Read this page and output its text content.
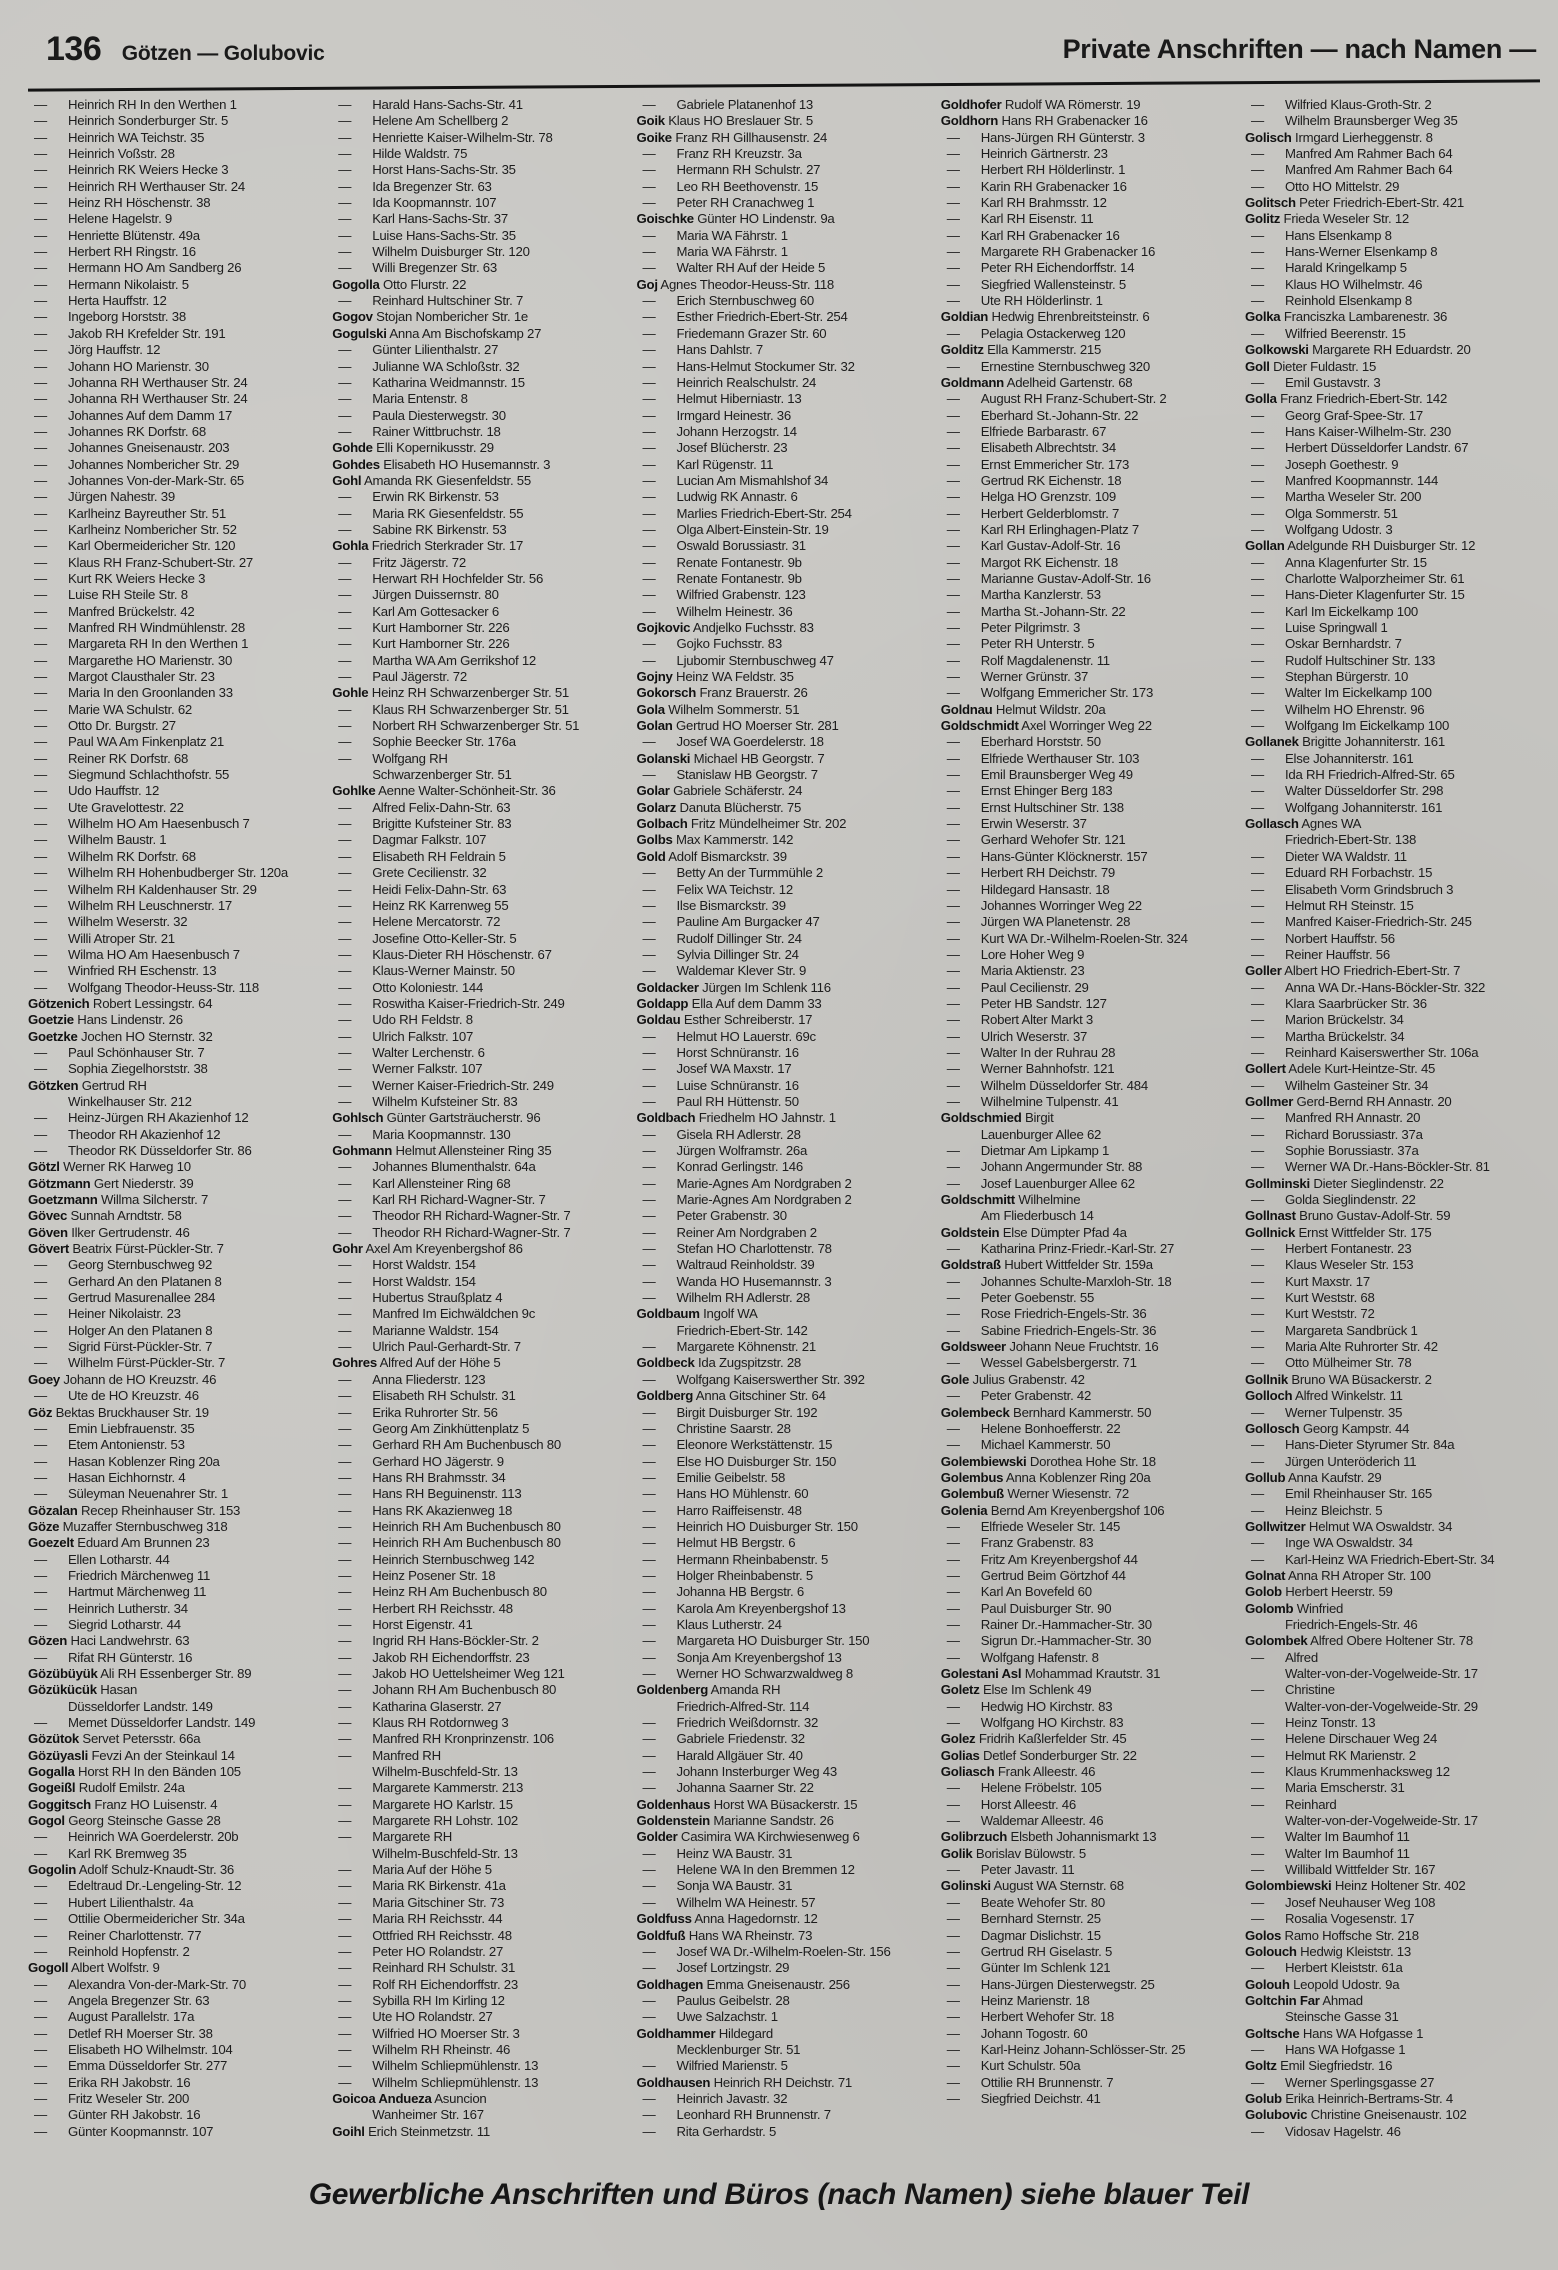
136 Götzen — Golubovic	Private Anschriften — nach Namen —
— Heinrich RH In den Werthen 1
— Heinrich Sonderburger Str. 5
— Heinrich WA Teichstr. 35
— Heinrich Voßstr. 28
— Heinrich RK Weiers Hecke 3
— Heinrich RH Werthauser Str. 24
— Heinz RH Höschenstr. 38
— Helene Hagelstr. 9
— Henriette Blütenstr. 49a
— Herbert RH Ringstr. 16
— Hermann HO Am Sandberg 26
— Hermann Nikolaistr. 5
— Herta Hauffstr. 12
— Ingeborg Horststr. 38
— Jakob RH Krefelder Str. 191
— Jörg Hauffstr. 12
— Johann HO Marienstr. 30
— Johanna RH Werthauser Str. 24
— Johanna RH Werthauser Str. 24
— Johannes Auf dem Damm 17
— Johannes RK Dorfstr. 68
— Johannes Gneisenaustr. 203
— Johannes Nombericher Str. 29
— Johannes Von-der-Mark-Str. 65
— Jürgen Nahestr. 39
— Karlheinz Bayreuther Str. 51
— Karlheinz Nombericher Str. 52
— Karl Obermeidericher Str. 120
— Klaus RH Franz-Schubert-Str. 27
— Kurt RK Weiers Hecke 3
— Luise RH Steile Str. 8
— Manfred Brückelstr. 42
— Manfred RH Windmühlenstr. 28
— Margareta RH In den Werthen 1
— Margarethe HO Marienstr. 30
— Margot Clausthaler Str. 23
— Maria In den Groonlanden 33
— Marie WA Schulstr. 62
— Otto Dr. Burgstr. 27
— Paul WA Am Finkenplatz 21
— Reiner RK Dorfstr. 68
— Siegmund Schlachthofstr. 55
— Udo Hauffstr. 12
— Ute Gravelottestr. 22
— Wilhelm HO Am Haesenbusch 7
— Wilhelm Baustr. 1
— Wilhelm RK Dorfstr. 68
— Wilhelm RH Hohenbudberger Str. 120a
— Wilhelm RH Kaldenhauser Str. 29
— Wilhelm RH Leuschnerstr. 17
— Wilhelm Weserstr. 32
— Willi Atroper Str. 21
— Wilma HO Am Haesenbusch 7
— Winfried RH Eschenstr. 13
— Wolfgang Theodor-Heuss-Str. 118
Götzenich Robert Lessingstr. 64
Goetzie Hans Lindenstr. 26
Goetzke Jochen HO Sternstr. 32
— Paul Schönhauser Str. 7
— Sophia Ziegelhorststr. 38
Götzken Gertrud RH
Winkelhauser Str. 212
— Heinz-Jürgen RH Akazienhof 12
— Theodor RH Akazienhof 12
— Theodor RK Düsseldorfer Str. 86
Götzl Werner RK Harweg 10
Götzmann Gert Niederstr. 39
Goetzmann Willma Silcherstr. 7
Gövec Sunnah Arndtstr. 58
Göven Ilker Gertrudenstr. 46
Gövert Beatrix Fürst-Pückler-Str. 7
— Georg Sternbuschweg 92
— Gerhard An den Platanen 8
— Gertrud Masurenallee 284
— Heiner Nikolaistr. 23
— Holger An den Platanen 8
— Sigrid Fürst-Pückler-Str. 7
— Wilhelm Fürst-Pückler-Str. 7
Goey Johann de HO Kreuzstr. 46
— Ute de HO Kreuzstr. 46
Göz Bektas Bruckhauser Str. 19
— Emin Liebfrauenstr. 35
— Etem Antonienstr. 53
— Hasan Koblenzer Ring 20a
— Hasan Eichhornstr. 4
— Süleyman Neuenahrer Str. 1
Gözalan Recep Rheinhauser Str. 153
Göze Muzaffer Sternbuschweg 318
Goezelt Eduard Am Brunnen 23
— Ellen Lotharstr. 44
— Friedrich Märchenweg 11
— Hartmut Märchenweg 11
— Heinrich Lutherstr. 34
— Siegrid Lotharstr. 44
Gözen Haci Landwehrstr. 63
— Rifat RH Günterstr. 16
Gözübüyük Ali RH Essenberger Str. 89
Gözükücük Hasan
Düsseldorfer Landstr. 149
— Memet Düsseldorfer Landstr. 149
Gözütok Servet Petersstr. 66a
Gözüyasli Fevzi An der Steinkaul 14
Gogalla Horst RH In den Bänden 105
Gogeißl Rudolf Emilstr. 24a
Goggitsch Franz HO Luisenstr. 4
Gogol Georg Steinsche Gasse 28
— Heinrich WA Goerdelerstr. 20b
— Karl RK Bremweg 35
Gogolin Adolf Schulz-Knaudt-Str. 36
— Edeltraud Dr.-Lengeling-Str. 12
— Hubert Lilienthalstr. 4a
— Ottilie Obermeidericher Str. 34a
— Reiner Charlottenstr. 77
— Reinhold Hopfenstr. 2
Gogoll Albert Wolfstr. 9
— Alexandra Von-der-Mark-Str. 70
— Angela Bregenzer Str. 63
— August Parallelstr. 17a
— Detlef RH Moerser Str. 38
— Elisabeth HO Wilhelmstr. 104
— Emma Düsseldorfer Str. 277
— Erika RH Jakobstr. 16
— Fritz Weseler Str. 200
— Günter RH Jakobstr. 16
— Günter Koopmannstr. 107
— Harald Hans-Sachs-Str. 41
— Helene Am Schellberg 2
— Henriette Kaiser-Wilhelm-Str. 78
— Hilde Waldstr. 75
— Horst Hans-Sachs-Str. 35
— Ida Bregenzer Str. 63
— Ida Koopmannstr. 107
— Karl Hans-Sachs-Str. 37
— Luise Hans-Sachs-Str. 35
— Wilhelm Duisburger Str. 120
— Willi Bregenzer Str. 63
Gogolla Otto Flurstr. 22
— Reinhard Hultschiner Str. 7
Gogov Stojan Nombericher Str. 1e
Gogulski Anna Am Bischofskamp 27
— Günter Lilienthalstr. 27
— Julianne WA Schloßstr. 32
— Katharina Weidmannstr. 15
— Maria Entenstr. 8
— Paula Diesterwegstr. 30
— Rainer Wittbruchstr. 18
Gohde Elli Kopernikusstr. 29
Gohdes Elisabeth HO Husemannstr. 3
Gohl Amanda RK Giesenfeldstr. 55
— Erwin RK Birkenstr. 53
— Maria RK Giesenfeldstr. 55
— Sabine RK Birkenstr. 53
Gohla Friedrich Sterkrader Str. 17
— Fritz Jägerstr. 72
— Herwart RH Hochfelder Str. 56
— Jürgen Duissernstr. 80
— Karl Am Gottesacker 6
— Kurt Hamborner Str. 226
— Kurt Hamborner Str. 226
— Martha WA Am Gerrikshof 12
— Paul Jägerstr. 72
Gohle Heinz RH Schwarzenberger Str. 51
— Klaus RH Schwarzenberger Str. 51
— Norbert RH Schwarzenberger Str. 51
— Sophie Beecker Str. 176a
— Wolfgang RH
Schwarzenberger Str. 51
Gohlke Aenne Walter-Schönheit-Str. 36
— Alfred Felix-Dahn-Str. 63
— Brigitte Kufsteiner Str. 83
— Dagmar Falkstr. 107
— Elisabeth RH Feldrain 5
— Grete Cecilienstr. 32
— Heidi Felix-Dahn-Str. 63
— Heinz RK Karrenweg 55
— Helene Mercatorstr. 72
— Josefine Otto-Keller-Str. 5
— Klaus-Dieter RH Höschenstr. 67
— Klaus-Werner Mainstr. 50
— Otto Koloniestr. 144
— Roswitha Kaiser-Friedrich-Str. 249
— Udo RH Feldstr. 8
— Ulrich Falkstr. 107
— Walter Lerchenstr. 6
— Werner Falkstr. 107
— Werner Kaiser-Friedrich-Str. 249
— Wilhelm Kufsteiner Str. 83
Gohlsch Günter Gartsträucherstr. 96
— Maria Koopmannstr. 130
Gohmann Helmut Allensteiner Ring 35
— Johannes Blumenthalstr. 64a
— Karl Allensteiner Ring 68
— Karl RH Richard-Wagner-Str. 7
— Theodor RH Richard-Wagner-Str. 7
— Theodor RH Richard-Wagner-Str. 7
Gohr Axel Am Kreyenbergshof 86
— Horst Waldstr. 154
— Horst Waldstr. 154
— Hubertus Straußplatz 4
— Manfred Im Eichwäldchen 9c
— Marianne Waldstr. 154
— Ulrich Paul-Gerhardt-Str. 7
Gohres Alfred Auf der Höhe 5
— Anna Fliederstr. 123
— Elisabeth RH Schulstr. 31
— Erika Ruhrorter Str. 56
— Georg Am Zinkhüttenplatz 5
— Gerhard RH Am Buchenbusch 80
— Gerhard HO Jägerstr. 9
— Hans RH Brahmsstr. 34
— Hans RH Beguinenstr. 113
— Hans RK Akazienweg 18
— Heinrich RH Am Buchenbusch 80
— Heinrich RH Am Buchenbusch 80
— Heinrich Sternbuschweg 142
— Heinz Posener Str. 18
— Heinz RH Am Buchenbusch 80
— Herbert RH Reichsstr. 48
— Horst Eigenstr. 41
— Ingrid RH Hans-Böckler-Str. 2
— Jakob RH Eichendorffstr. 23
— Jakob HO Uettelsheimer Weg 121
— Johann RH Am Buchenbusch 80
— Katharina Glaserstr. 27
— Klaus RH Rotdornweg 3
— Manfred RH Kronprinzenstr. 106
— Manfred RH
Wilhelm-Buschfeld-Str. 13
— Margarete Kammerstr. 213
— Margarete HO Karlstr. 15
— Margarete RH Lohstr. 102
— Margarete RH
Wilhelm-Buschfeld-Str. 13
— Maria Auf der Höhe 5
— Maria RK Birkenstr. 41a
— Maria Gitschiner Str. 73
— Maria RH Reichsstr. 44
— Ottfried RH Reichsstr. 48
— Peter HO Rolandstr. 27
— Reinhard RH Schulstr. 31
— Rolf RH Eichendorffstr. 23
— Sybilla RH Im Kirling 12
— Ute HO Rolandstr. 27
— Wilfried HO Moerser Str. 3
— Wilhelm RH Rheinstr. 46
— Wilhelm Schliepmühlenstr. 13
— Wilhelm Schliepmühlenstr. 13
Goicoa Andueza Asuncion
Wanheimer Str. 167
Goihl Erich Steinmetzstr. 11
— Gabriele Platanenhof 13
Goik Klaus HO Breslauer Str. 5
Goike Franz RH Gillhausenstr. 24
— Franz RH Kreuzstr. 3a
— Hermann RH Schulstr. 27
— Leo RH Beethovenstr. 15
— Peter RH Cranachweg 1
Goischke Günter HO Lindenstr. 9a
— Maria WA Fährstr. 1
— Maria WA Fährstr. 1
— Walter RH Auf der Heide 5
Goj Agnes Theodor-Heuss-Str. 118
— Erich Sternbuschweg 60
— Esther Friedrich-Ebert-Str. 254
— Friedemann Grazer Str. 60
— Hans Dahlstr. 7
— Hans-Helmut Stockumer Str. 32
— Heinrich Realschulstr. 24
— Helmut Hiberniastr. 13
— Irmgard Heinestr. 36
— Johann Herzogstr. 14
— Josef Blücherstr. 23
— Karl Rügenstr. 11
— Lucian Am Mismahlshof 34
— Ludwig RK Annastr. 6
— Marlies Friedrich-Ebert-Str. 254
— Olga Albert-Einstein-Str. 19
— Oswald Borussiastr. 31
— Renate Fontanestr. 9b
— Renate Fontanestr. 9b
— Wilfried Grabenstr. 123
— Wilhelm Heinestr. 36
Gojkovic Andjelko Fuchsstr. 83
— Gojko Fuchsstr. 83
— Ljubomir Sternbuschweg 47
Gojny Heinz WA Feldstr. 35
Gokorsch Franz Brauerstr. 26
Gola Wilhelm Sommerstr. 51
Golan Gertrud HO Moerser Str. 281
— Josef WA Goerdelerstr. 18
Golanski Michael HB Georgstr. 7
— Stanislaw HB Georgstr. 7
Golar Gabriele Schäferstr. 24
Golarz Danuta Blücherstr. 75
Golbach Fritz Mündelheimer Str. 202
Golbs Max Kammerstr. 142
Gold Adolf Bismarckstr. 39
— Betty An der Turmmühle 2
— Felix WA Teichstr. 12
— Ilse Bismarckstr. 39
— Pauline Am Burgacker 47
— Rudolf Dillinger Str. 24
— Sylvia Dillinger Str. 24
— Waldemar Klever Str. 9
Goldacker Jürgen Im Schlenk 116
Goldapp Ella Auf dem Damm 33
Goldau Esther Schreiberstr. 17
— Helmut HO Lauerstr. 69c
— Horst Schnüranstr. 16
— Josef WA Maxstr. 17
— Luise Schnüranstr. 16
— Paul RH Hüttenstr. 50
Goldbach Friedhelm HO Jahnstr. 1
— Gisela RH Adlerstr. 28
— Jürgen Wolframstr. 26a
— Konrad Gerlingstr. 146
— Marie-Agnes Am Nordgraben 2
— Marie-Agnes Am Nordgraben 2
— Peter Grabenstr. 30
— Reiner Am Nordgraben 2
— Stefan HO Charlottenstr. 78
— Waltraud Reinholdstr. 39
— Wanda HO Husemannstr. 3
— Wilhelm RH Adlerstr. 28
Goldbaum Ingolf WA
Friedrich-Ebert-Str. 142
— Margarete Köhnenstr. 21
Goldbeck Ida Zugspitzstr. 28
— Wolfgang Kaiserswerther Str. 392
Goldberg Anna Gitschiner Str. 64
— Birgit Duisburger Str. 192
— Christine Saarstr. 28
— Eleonore Werkstättenstr. 15
— Else HO Duisburger Str. 150
— Emilie Geibelstr. 58
— Hans HO Mühlenstr. 60
— Harro Raiffeisenstr. 48
— Heinrich HO Duisburger Str. 150
— Helmut HB Bergstr. 6
— Hermann Rheinbabenstr. 5
— Holger Rheinbabenstr. 5
— Johanna HB Bergstr. 6
— Karola Am Kreyenbergshof 13
— Klaus Lutherstr. 24
— Margareta HO Duisburger Str. 150
— Sonja Am Kreyenbergshof 13
— Werner HO Schwarzwaldweg 8
Goldenberg Amanda RH
Friedrich-Alfred-Str. 114
— Friedrich Weißdornstr. 32
— Gabriele Friedenstr. 32
— Harald Allgäuer Str. 40
— Johann Insterburger Weg 43
— Johanna Saarner Str. 22
Goldenhaus Horst WA Büsackerstr. 15
Goldenstein Marianne Sandstr. 26
Golder Casimira WA Kirchwiesenweg 6
— Heinz WA Baustr. 31
— Helene WA In den Bremmen 12
— Sonja WA Baustr. 31
— Wilhelm WA Heinestr. 57
Goldfuss Anna Hagedornstr. 12
Goldfuß Hans WA Rheinstr. 73
— Josef WA Dr.-Wilhelm-Roelen-Str. 156
— Josef Lortzingstr. 29
Goldhagen Emma Gneisenaustr. 256
— Paulus Geibelstr. 28
— Uwe Salzachstr. 1
Goldhammer Hildegard
Mecklenburger Str. 51
— Wilfried Marienstr. 5
Goldhausen Heinrich RH Deichstr. 71
— Heinrich Javastr. 32
— Leonhard RH Brunnenstr. 7
— Rita Gerhardstr. 5
Goldhofer Rudolf WA Römerstr. 19
Goldhorn Hans RH Grabenacker 16
— Hans-Jürgen RH Günterstr. 3
— Heinrich Gärtnerstr. 23
— Herbert RH Hölderlinstr. 1
— Karin RH Grabenacker 16
— Karl RH Brahmsstr. 12
— Karl RH Eisenstr. 11
— Karl RH Grabenacker 16
— Margarete RH Grabenacker 16
— Peter RH Eichendorffstr. 14
— Siegfried Wallensteinstr. 5
— Ute RH Hölderlinstr. 1
Goldian Hedwig Ehrenbreitsteinstr. 6
— Pelagia Ostackerweg 120
Golditz Ella Kammerstr. 215
— Ernestine Sternbuschweg 320
Goldmann Adelheid Gartenstr. 68
— August RH Franz-Schubert-Str. 2
— Eberhard St.-Johann-Str. 22
— Elfriede Barbarastr. 67
— Elisabeth Albrechtstr. 34
— Ernst Emmericher Str. 173
— Gertrud RK Eichenstr. 18
— Helga HO Grenzstr. 109
— Herbert Gelderblomstr. 7
— Karl RH Erlinghagen-Platz 7
— Karl Gustav-Adolf-Str. 16
— Margot RK Eichenstr. 18
— Marianne Gustav-Adolf-Str. 16
— Martha Kanzlerstr. 53
— Martha St.-Johann-Str. 22
— Peter Pilgrimstr. 3
— Peter RH Unterstr. 5
— Rolf Magdalenenstr. 11
— Werner Grünstr. 37
— Wolfgang Emmericher Str. 173
Goldnau Helmut Wildstr. 20a
Goldschmidt Axel Worringer Weg 22
— Eberhard Horststr. 50
— Elfriede Werthauser Str. 103
— Emil Braunsberger Weg 49
— Ernst Ehinger Berg 183
— Ernst Hultschiner Str. 138
— Erwin Weserstr. 37
— Gerhard Wehofer Str. 121
— Hans-Günter Klöcknerstr. 157
— Herbert RH Deichstr. 79
— Hildegard Hansastr. 18
— Johannes Worringer Weg 22
— Jürgen WA Planetenstr. 28
— Kurt WA Dr.-Wilhelm-Roelen-Str. 324
— Lore Hoher Weg 9
— Maria Aktienstr. 23
— Paul Cecilienstr. 29
— Peter HB Sandstr. 127
— Robert Alter Markt 3
— Ulrich Weserstr. 37
— Walter In der Ruhrau 28
— Werner Bahnhofstr. 121
— Wilhelm Düsseldorfer Str. 484
— Wilhelmine Tulpenstr. 41
Goldschmied Birgit
Lauenburger Allee 62
— Dietmar Am Lipkamp 1
— Johann Angermunder Str. 88
— Josef Lauenburger Allee 62
Goldschmitt Wilhelmine
Am Fliederbusch 14
Goldstein Else Dümpter Pfad 4a
— Katharina Prinz-Friedr.-Karl-Str. 27
Goldstraß Hubert Wittfelder Str. 159a
— Johannes Schulte-Marxloh-Str. 18
— Peter Goebenstr. 55
— Rose Friedrich-Engels-Str. 36
— Sabine Friedrich-Engels-Str. 36
Goldsweer Johann Neue Fruchtstr. 16
— Wessel Gabelsbergerstr. 71
Gole Julius Grabenstr. 42
— Peter Grabenstr. 42
Golembeck Bernhard Kammerstr. 50
— Helene Bonhoefferstr. 22
— Michael Kammerstr. 50
Golembiewski Dorothea Hohe Str. 18
Golembus Anna Koblenzer Ring 20a
Golembuß Werner Wiesenstr. 72
Golenia Bernd Am Kreyenbergshof 106
— Elfriede Weseler Str. 145
— Franz Grabenstr. 83
— Fritz Am Kreyenbergshof 44
— Gertrud Beim Görtzhof 44
— Karl An Bovefeld 60
— Paul Duisburger Str. 90
— Rainer Dr.-Hammacher-Str. 30
— Sigrun Dr.-Hammacher-Str. 30
— Wolfgang Hafenstr. 8
Golestani Asl Mohammad Krautstr. 31
Goletz Else Im Schlenk 49
— Hedwig HO Kirchstr. 83
— Wolfgang HO Kirchstr. 83
Golez Fridrih Kaßlerfelder Str. 45
Golias Detlef Sonderburger Str. 22
Goliasch Frank Alleestr. 46
— Helene Fröbelstr. 105
— Horst Alleestr. 46
— Waldemar Alleestr. 46
Golibrzuch Elsbeth Johannismarkt 13
Golik Borislav Bülowstr. 5
— Peter Javastr. 11
Golinski August WA Sternstr. 68
— Beate Wehofer Str. 80
— Bernhard Sternstr. 25
— Dagmar Dislichstr. 15
— Gertrud RH Giselastr. 5
— Günter Im Schlenk 121
— Hans-Jürgen Diesterwegstr. 25
— Heinz Marienstr. 18
— Herbert Wehofer Str. 18
— Johann Togostr. 60
— Karl-Heinz Johann-Schlösser-Str. 25
— Kurt Schulstr. 50a
— Ottilie RH Brunnenstr. 7
— Siegfried Deichstr. 41
— Wilfried Klaus-Groth-Str. 2
— Wilhelm Braunsberger Weg 35
Golisch Irmgard Lierheggenstr. 8
— Manfred Am Rahmer Bach 64
— Manfred Am Rahmer Bach 64
— Otto HO Mittelstr. 29
Golitsch Peter Friedrich-Ebert-Str. 421
Golitz Frieda Weseler Str. 12
— Hans Elsenkamp 8
— Hans-Werner Elsenkamp 8
— Harald Kringelkamp 5
— Klaus HO Wilhelmstr. 46
— Reinhold Elsenkamp 8
Golka Franciszka Lambarenestr. 36
— Wilfried Beerenstr. 15
Golkowski Margarete RH Eduardstr. 20
Goll Dieter Fuldastr. 15
— Emil Gustavstr. 3
Golla Franz Friedrich-Ebert-Str. 142
— Georg Graf-Spee-Str. 17
— Hans Kaiser-Wilhelm-Str. 230
— Herbert Düsseldorfer Landstr. 67
— Joseph Goethestr. 9
— Manfred Koopmannstr. 144
— Martha Weseler Str. 200
— Olga Sommerstr. 51
— Wolfgang Udostr. 3
Gollan Adelgunde RH Duisburger Str. 12
— Anna Klagenfurter Str. 15
— Charlotte Walporzheimer Str. 61
— Hans-Dieter Klagenfurter Str. 15
— Karl Im Eickelkamp 100
— Luise Springwall 1
— Oskar Bernhardstr. 7
— Rudolf Hultschiner Str. 133
— Stephan Bürgerstr. 10
— Walter Im Eickelkamp 100
— Wilhelm HO Ehrenstr. 96
— Wolfgang Im Eickelkamp 100
Gollanek Brigitte Johanniterstr. 161
— Else Johanniterstr. 161
— Ida RH Friedrich-Alfred-Str. 65
— Walter Düsseldorfer Str. 298
— Wolfgang Johanniterstr. 161
Gollasch Agnes WA
Friedrich-Ebert-Str. 138
— Dieter WA Waldstr. 11
— Eduard RH Forbachstr. 15
— Elisabeth Vorm Grindsbruch 3
— Helmut RH Steinstr. 15
— Manfred Kaiser-Friedrich-Str. 245
— Norbert Hauffstr. 56
— Reiner Hauffstr. 56
Goller Albert HO Friedrich-Ebert-Str. 7
— Anna WA Dr.-Hans-Böckler-Str. 322
— Klara Saarbrücker Str. 36
— Marion Brückelstr. 34
— Martha Brückelstr. 34
— Reinhard Kaiserswerther Str. 106a
Gollert Adele Kurt-Heintze-Str. 45
— Wilhelm Gasteiner Str. 34
Gollmer Gerd-Bernd RH Annastr. 20
— Manfred RH Annastr. 20
— Richard Borussiastr. 37a
— Sophie Borussiastr. 37a
— Werner WA Dr.-Hans-Böckler-Str. 81
Gollminski Dieter Sieglindenstr. 22
— Golda Sieglindenstr. 22
Gollnast Bruno Gustav-Adolf-Str. 59
Gollnick Ernst Wittfelder Str. 175
— Herbert Fontanestr. 23
— Klaus Weseler Str. 153
— Kurt Maxstr. 17
— Kurt Weststr. 68
— Kurt Weststr. 72
— Margareta Sandbrück 1
— Maria Alte Ruhrorter Str. 42
— Otto Mülheimer Str. 78
Gollnik Bruno WA Büsackerstr. 2
Golloch Alfred Winkelstr. 11
— Werner Tulpenstr. 35
Gollosch Georg Kampstr. 44
— Hans-Dieter Styrumer Str. 84a
— Jürgen Unteröderich 11
Gollub Anna Kaufstr. 29
— Emil Rheinhauser Str. 165
— Heinz Bleichstr. 5
Gollwitzer Helmut WA Oswaldstr. 34
— Inge WA Oswaldstr. 34
— Karl-Heinz WA Friedrich-Ebert-Str. 34
Golnat Anna RH Atroper Str. 100
Golob Herbert Heerstr. 59
Golomb Winfried
Friedrich-Engels-Str. 46
Golombek Alfred Obere Holtener Str. 78
— Alfred
Walter-von-der-Vogelweide-Str. 17
— Christine
Walter-von-der-Vogelweide-Str. 29
— Heinz Tonstr. 13
— Helene Dirschauer Weg 24
— Helmut RK Marienstr. 2
— Klaus Krummenhacksweg 12
— Maria Emscherstr. 31
— Reinhard
Walter-von-der-Vogelweide-Str. 17
— Walter Im Baumhof 11
— Walter Im Baumhof 11
— Willibald Wittfelder Str. 167
Golombiewski Heinz Holtener Str. 402
— Josef Neuhauser Weg 108
— Rosalia Vogesenstr. 17
Golos Ramo Hoffsche Str. 218
Golouch Hedwig Kleiststr. 13
— Herbert Kleiststr. 61a
Golouh Leopold Udostr. 9a
Goltchin Far Ahmad
Steinsche Gasse 31
Goltsche Hans WA Hofgasse 1
— Hans WA Hofgasse 1
Goltz Emil Siegfriedstr. 16
— Werner Sperlingsgasse 27
Golub Erika Heinrich-Bertrams-Str. 4
Golubovic Christine Gneisenaustr. 102
— Vidosav Hagelstr. 46
Gewerbliche Anschriften und Büros (nach Namen) siehe blauer Teil
